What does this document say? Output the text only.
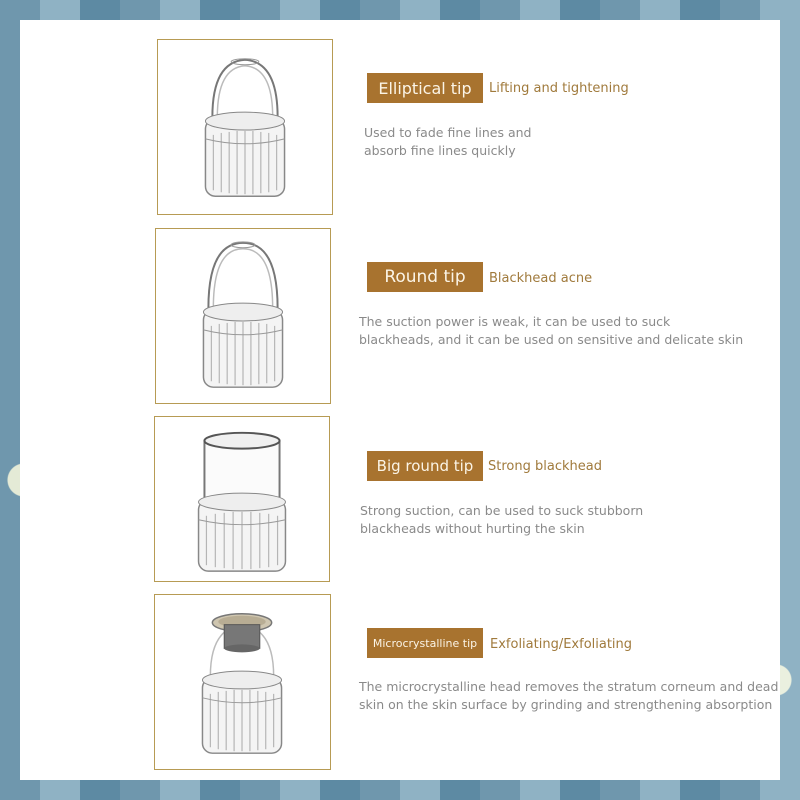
Elliptical tip	Lifting and tightening
Used to fade fine lines and
absorb fine lines quickly
Round tip	Blackhead acne
The suction power is weak, it can be used to suck
blackheads, and it can be used on sensitive and delicate skin
Big round tip	Strong blackhead
Strong suction, can be used to suck stubborn
blackheads without hurting the skin
Microcrystalline tip Exfoliating/Exfoliating
The microcrystalline head removes the stratum corneum and dead
skin on the skin surface by grinding and strengthening absorption
